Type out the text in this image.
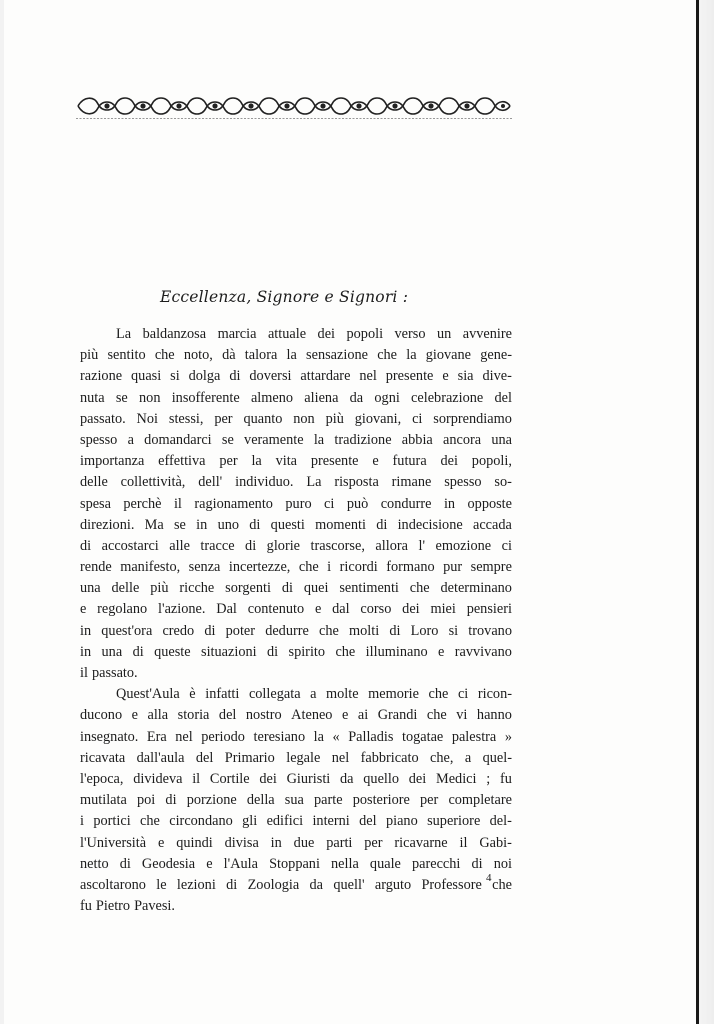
Eccellenza, Signore e Signori :
La baldanzosa marcia attuale dei popoli verso un avvenire
più sentito che noto, dà talora la sensazione che la giovane gene-
razione quasi si dolga di doversi attardare nel presente e sia dive-
nuta se non insofferente almeno aliena da ogni celebrazione del
passato. Noi stessi, per quanto non più giovani, ci sorprendiamo
spesso a domandarci se veramente la tradizione abbia ancora una
importanza effettiva per la vita presente e futura dei popoli,
delle collettività, dell' individuo. La risposta rimane spesso so-
spesa perchè il ragionamento puro ci può condurre in opposte
direzioni. Ma se in uno di questi momenti di indecisione accada
di accostarci alle tracce di glorie trascorse, allora l' emozione ci
rende manifesto, senza incertezze, che i ricordi formano pur sempre
una delle più ricche sorgenti di quei sentimenti che determinano
e regolano l'azione. Dal contenuto e dal corso dei miei pensieri
in quest'ora credo di poter dedurre che molti di Loro si trovano
in una di queste situazioni di spirito che illuminano e ravvivano
il passato.
Quest'Aula è infatti collegata a molte memorie che ci ricon-
ducono e alla storia del nostro Ateneo e ai Grandi che vi hanno
insegnato. Era nel periodo teresiano la « Palladis togatae palestra »
ricavata dall'aula del Primario legale nel fabbricato che, a quel-
l'epoca, divideva il Cortile dei Giuristi da quello dei Medici ; fu
mutilata poi di porzione della sua parte posteriore per completare
i portici che circondano gli edifici interni del piano superiore del-
l'Università e quindi divisa in due parti per ricavarne il Gabi-
netto di Geodesia e l'Aula Stoppani nella quale parecchi di noi
ascoltarono le lezioni di Zoologia da quell' arguto Professore che
fu Pietro Pavesi.
4
